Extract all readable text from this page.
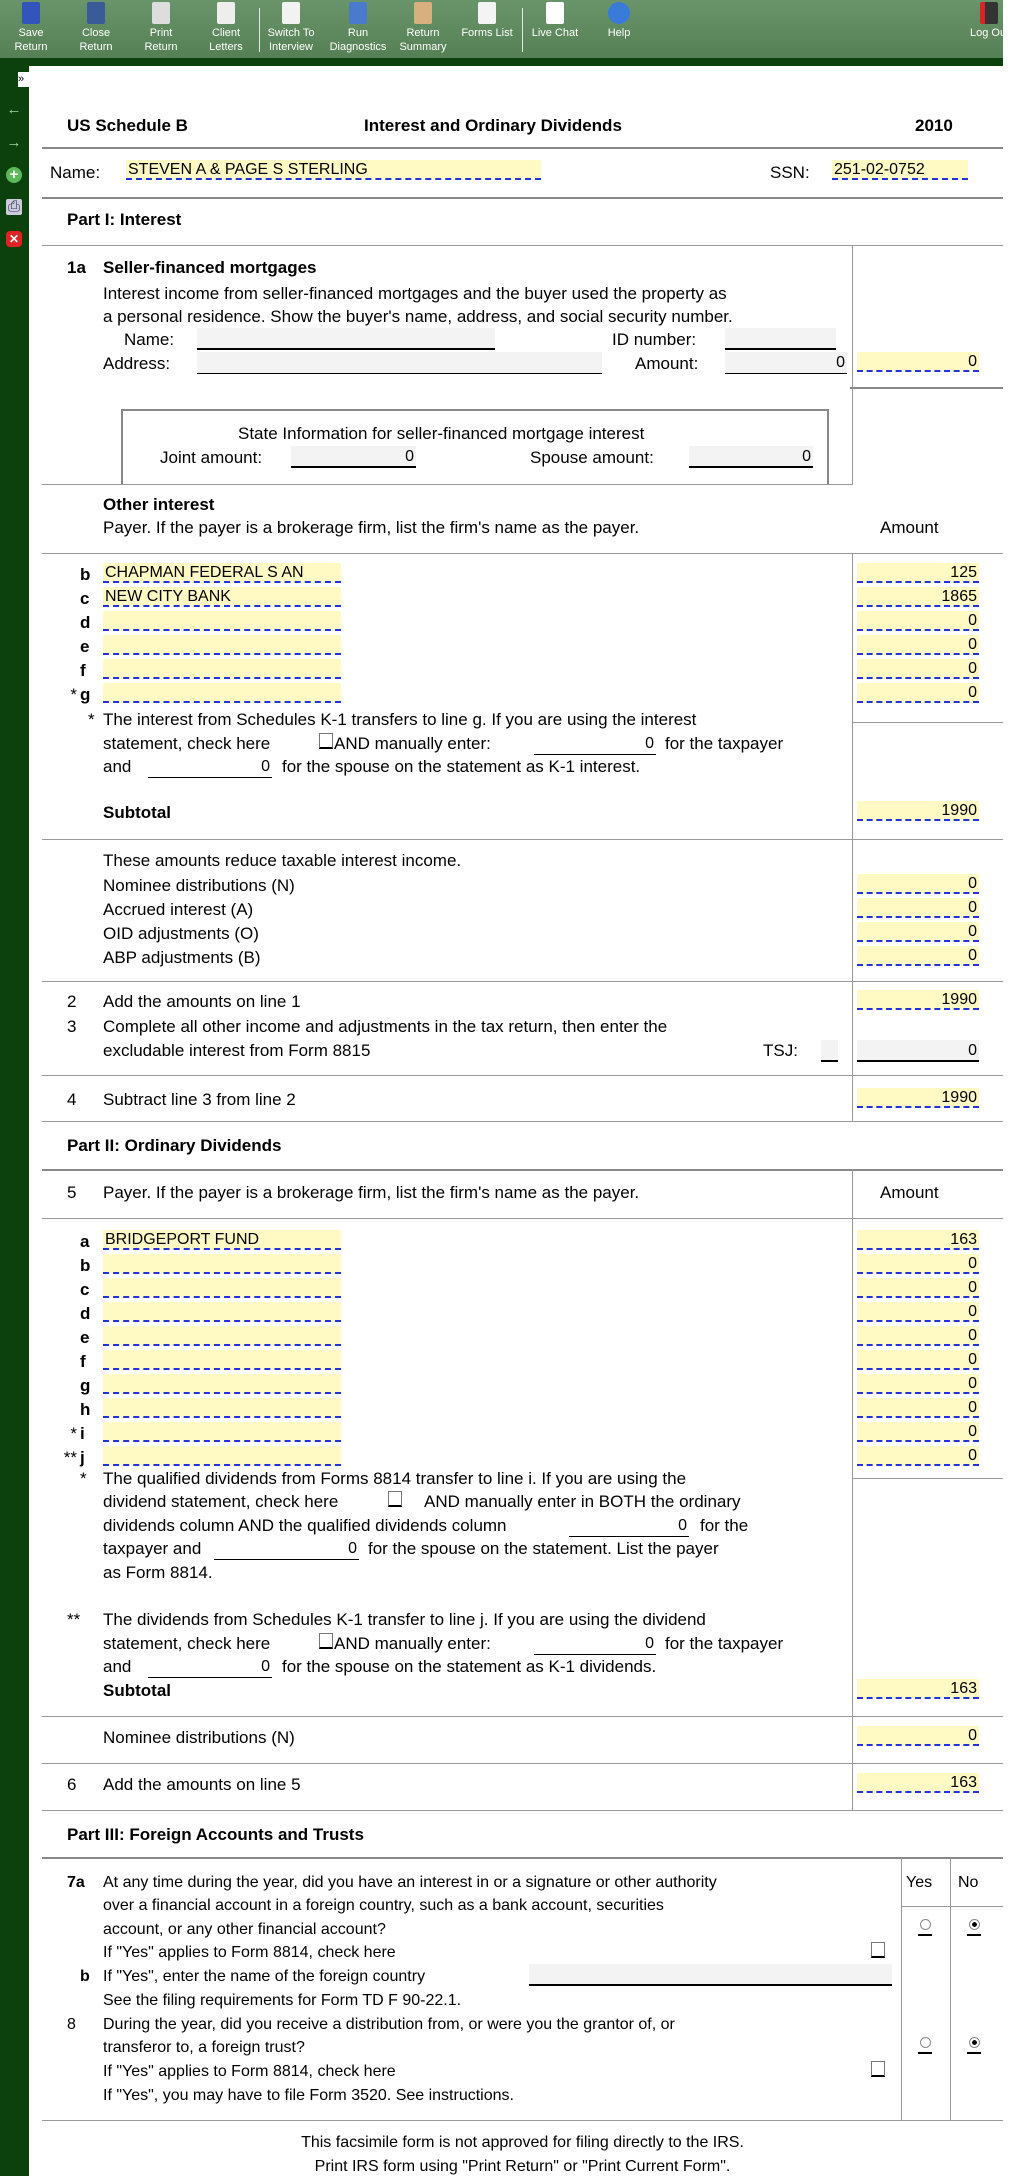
Save
Return
Close
Return
Print
Return
Client
Letters
Switch To
Interview
Run
Diagnostics
Return
Summary
Forms List	Live Chat	Help	Log Out
»
←
→
+
⎙
✕
US Schedule B	Interest and Ordinary Dividends	2010
Name: STEVEN A & PAGE S STERLING	SSN: 251-02-0752
Part I: Interest
1a Seller-financed mortgages
Interest income from seller-financed mortgages and the buyer used the property as
a personal residence. Show the buyer's name, address, and social security number.
Name:	ID number:
Address:	Amount:	0	0
State Information for seller-financed mortgage interest
Joint amount:	0	Spouse amount:	0
Other interest
Payer. If the payer is a brokerage firm, list the firm's name as the payer.	Amount
b CHAPMAN FEDERAL S AN	125
c NEW CITY BANK	1865
d	0
e	0
f	0
* g	0
* The interest from Schedules K-1 transfers to line g. If you are using the interest
statement, check here	AND manually enter:	0 for the taxpayer
and	0 for the spouse on the statement as K-1 interest.
Subtotal	1990
These amounts reduce taxable interest income.
Nominee distributions (N)	0
Accrued interest (A)	0
OID adjustments (O)	0
ABP adjustments (B)	0
2 Add the amounts on line 1	1990
3 Complete all other income and adjustments in the tax return, then enter the
excludable interest from Form 8815	TSJ:	0
4 Subtract line 3 from line 2	1990
Part II: Ordinary Dividends
5 Payer. If the payer is a brokerage firm, list the firm's name as the payer.	Amount
a BRIDGEPORT FUND	163
b	0
c	0
d	0
e	0
f	0
g	0
h	0
* i	0
** j	0
* The qualified dividends from Forms 8814 transfer to line i. If you are using the
dividend statement, check here	AND manually enter in BOTH the ordinary
dividends column AND the qualified dividends column	0 for the
taxpayer and	0 for the spouse on the statement. List the payer
as Form 8814.
** The dividends from Schedules K-1 transfer to line j. If you are using the dividend
statement, check here	AND manually enter:	0 for the taxpayer
and	0 for the spouse on the statement as K-1 dividends.
Subtotal	163
Nominee distributions (N)	0
6 Add the amounts on line 5	163
Part III: Foreign Accounts and Trusts
Yes No
7a At any time during the year, did you have an interest in or a signature or other authority
over a financial account in a foreign country, such as a bank account, securities
account, or any other financial account?
If "Yes" applies to Form 8814, check here
b If "Yes", enter the name of the foreign country
See the filing requirements for Form TD F 90-22.1.
8 During the year, did you receive a distribution from, or were you the grantor of, or
transferor to, a foreign trust?
If "Yes" applies to Form 8814, check here
If "Yes", you may have to file Form 3520. See instructions.
This facsimile form is not approved for filing directly to the IRS.
Print IRS form using "Print Return" or "Print Current Form".
